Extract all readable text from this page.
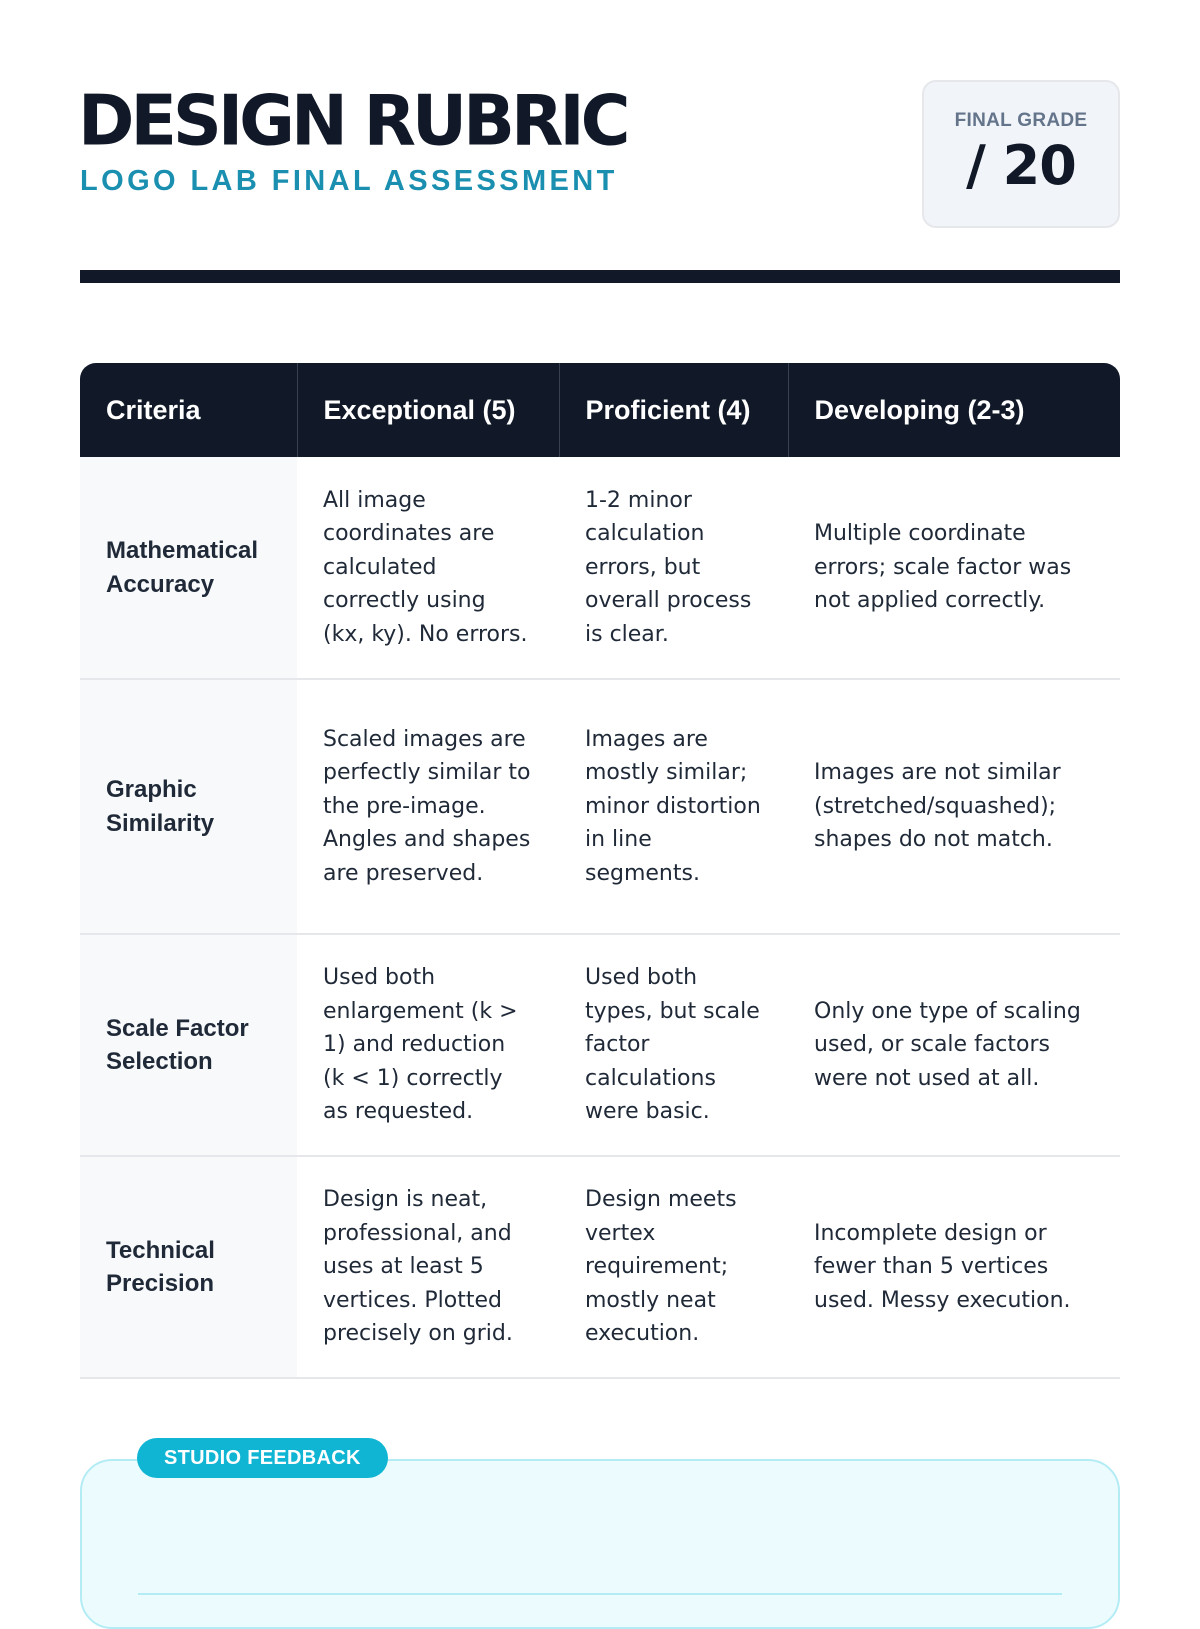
DESIGN RUBRIC
LOGO LAB FINAL ASSESSMENT
FINAL GRADE
/ 20
Criteria	Exceptional (5)	Proficient (4)	Developing (2-3)
Mathematical Accuracy	All image coordinates are calculated correctly using (kx, ky). No errors.	1-2 minor calculation errors, but overall process is clear.	Multiple coordinate errors; scale factor was not applied correctly.
Graphic Similarity	Scaled images are perfectly similar to the pre-image. Angles and shapes are preserved.	Images are mostly similar; minor distortion in line segments.	Images are not similar (stretched/squashed); shapes do not match.
Scale Factor Selection	Used both enlargement (k > 1) and reduction (k < 1) correctly as requested.	Used both types, but scale factor calculations were basic.	Only one type of scaling used, or scale factors were not used at all.
Technical Precision	Design is neat, professional, and uses at least 5 vertices. Plotted precisely on grid.	Design meets vertex requirement; mostly neat execution.	Incomplete design or fewer than 5 vertices used. Messy execution.
STUDIO FEEDBACK
